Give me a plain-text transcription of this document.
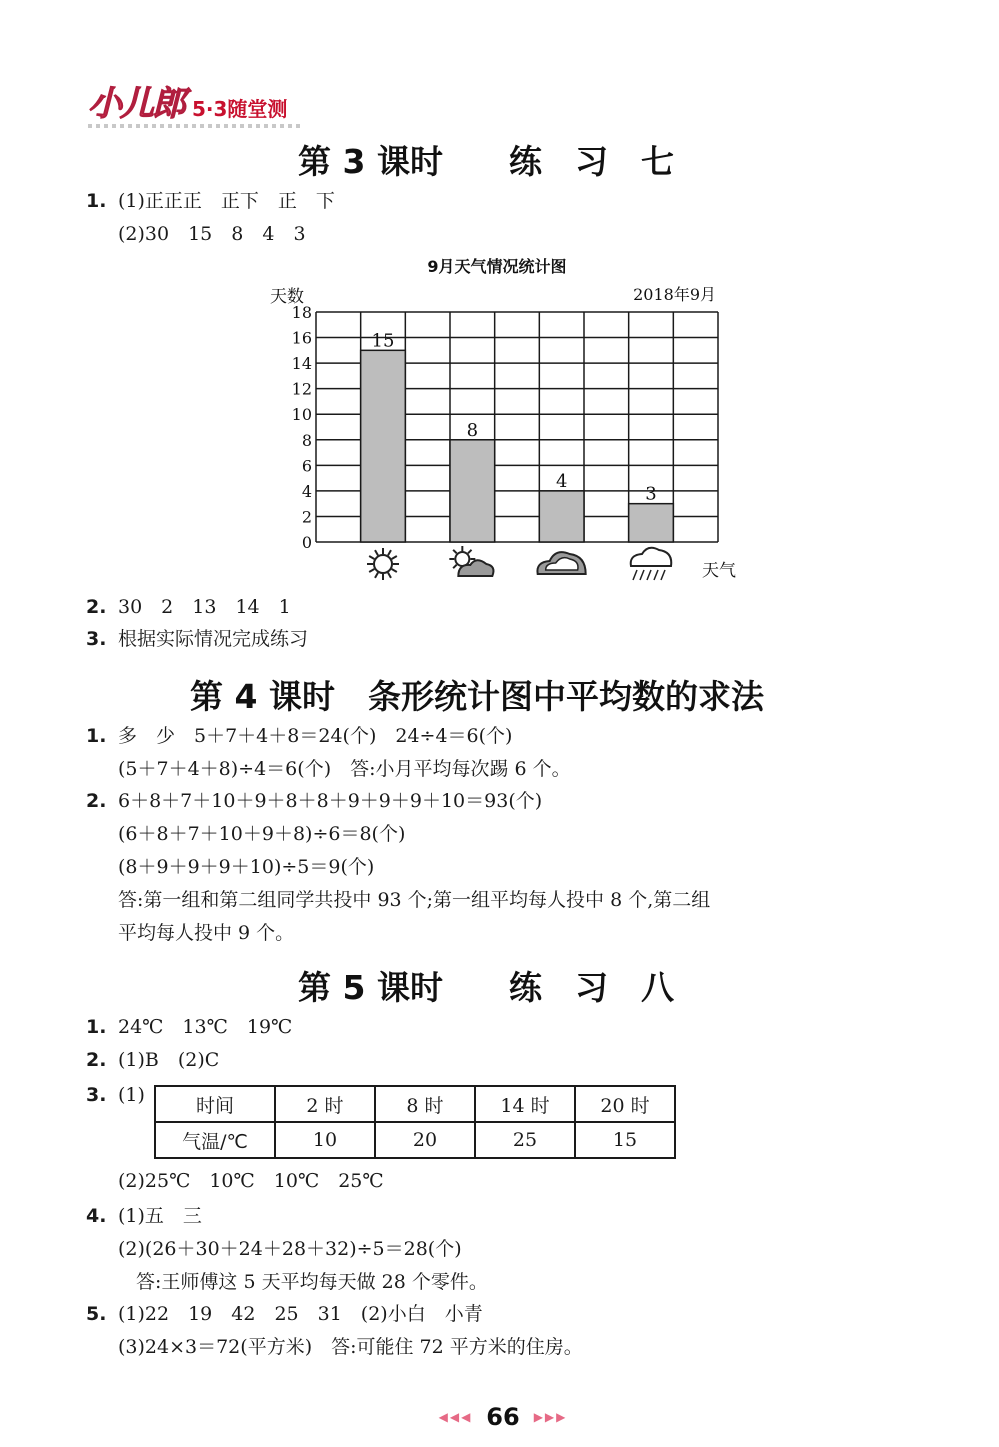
小儿郎 5·3随堂测
第 3 课时　　练　习　七
1. (1)正正正　正下　正　下
(2)30　15　8　4　3
9月天气情况统计图
天数	2018年9月
0
2
4
6
8
10
12
14
16
18
15
8
4
3
天气
2. 30　2　13　14　1
3. 根据实际情况完成练习
第 4 课时　条形统计图中平均数的求法
1. 多　少　5＋7＋4＋8＝24(个)　24÷4＝6(个)
(5＋7＋4＋8)÷4＝6(个)　答:小月平均每次踢 6 个。
2. 6＋8＋7＋10＋9＋8＋8＋9＋9＋9＋10＝93(个)
(6＋8＋7＋10＋9＋8)÷6＝8(个)
(8＋9＋9＋9＋10)÷5＝9(个)
答:第一组和第二组同学共投中 93 个;第一组平均每人投中 8 个,第二组
平均每人投中 9 个。
第 5 课时　　练　习　八
1. 24℃　13℃　19℃
2. (1)B　(2)C
3. (1)	时间	2 时	8 时	14 时	20 时
气温/℃	10	20	25	15
(2)25℃　10℃　10℃　25℃
4. (1)五　三
(2)(26＋30＋24＋28＋32)÷5＝28(个)
答:王师傅这 5 天平均每天做 28 个零件。
5. (1)22　19　42　25　31　(2)小白　小青
(3)24×3＝72(平方米)　答:可能住 72 平方米的住房。
◀◀◀ 66 ▶▶▶
